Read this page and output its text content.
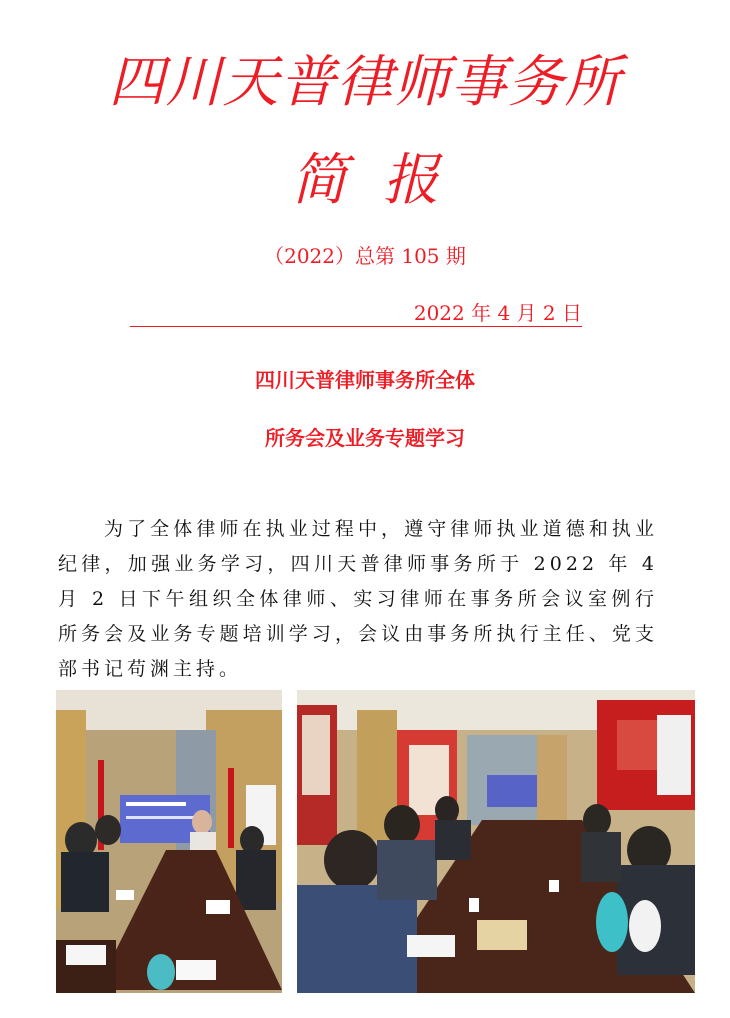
四川天普律师事务所
简 报
（2022）总第 105 期
2022 年 4 月 2 日
四川天普律师事务所全体
所务会及业务专题学习

为了全体律师在执业过程中，遵守律师执业道德和执业纪律，加强业务学习，四川天普律师事务所于 2022 年 4 月 2 日下午组织全体律师、实习律师在事务所会议室例行所务会及业务专题培训学习，会议由事务所执行主任、党支部书记苟渊主持。
